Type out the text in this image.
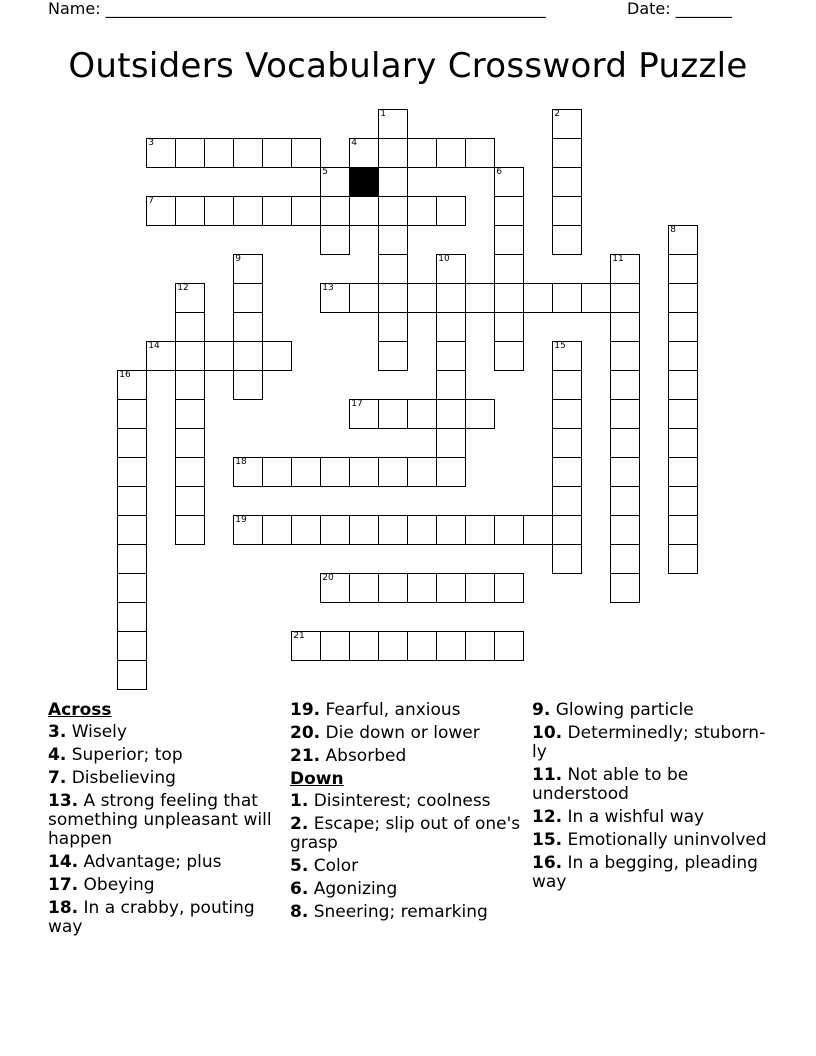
Name: _______________________________________________________	Date: _______
Outsiders Vocabulary Crossword Puzzle
1	2
3	4
5	6
7
8
9	10	11
12	13
14	15
16
17
18
19
20
21
Across
3. Wisely
4. Superior; top
7. Disbelieving
13. A strong feeling that something unpleasant will happen
14. Advantage; plus
17. Obeying
18. In a crabby, pouting way
19. Fearful, anxious
20. Die down or lower
21. Absorbed
Down
1. Disinterest; coolness
2. Escape; slip out of one's grasp
5. Color
6. Agonizing
8. Sneering; remarking
9. Glowing particle
10. Determinedly; stubornly
11. Not able to be understood
12. In a wishful way
15. Emotionally uninvolved
16. In a begging, pleading way
